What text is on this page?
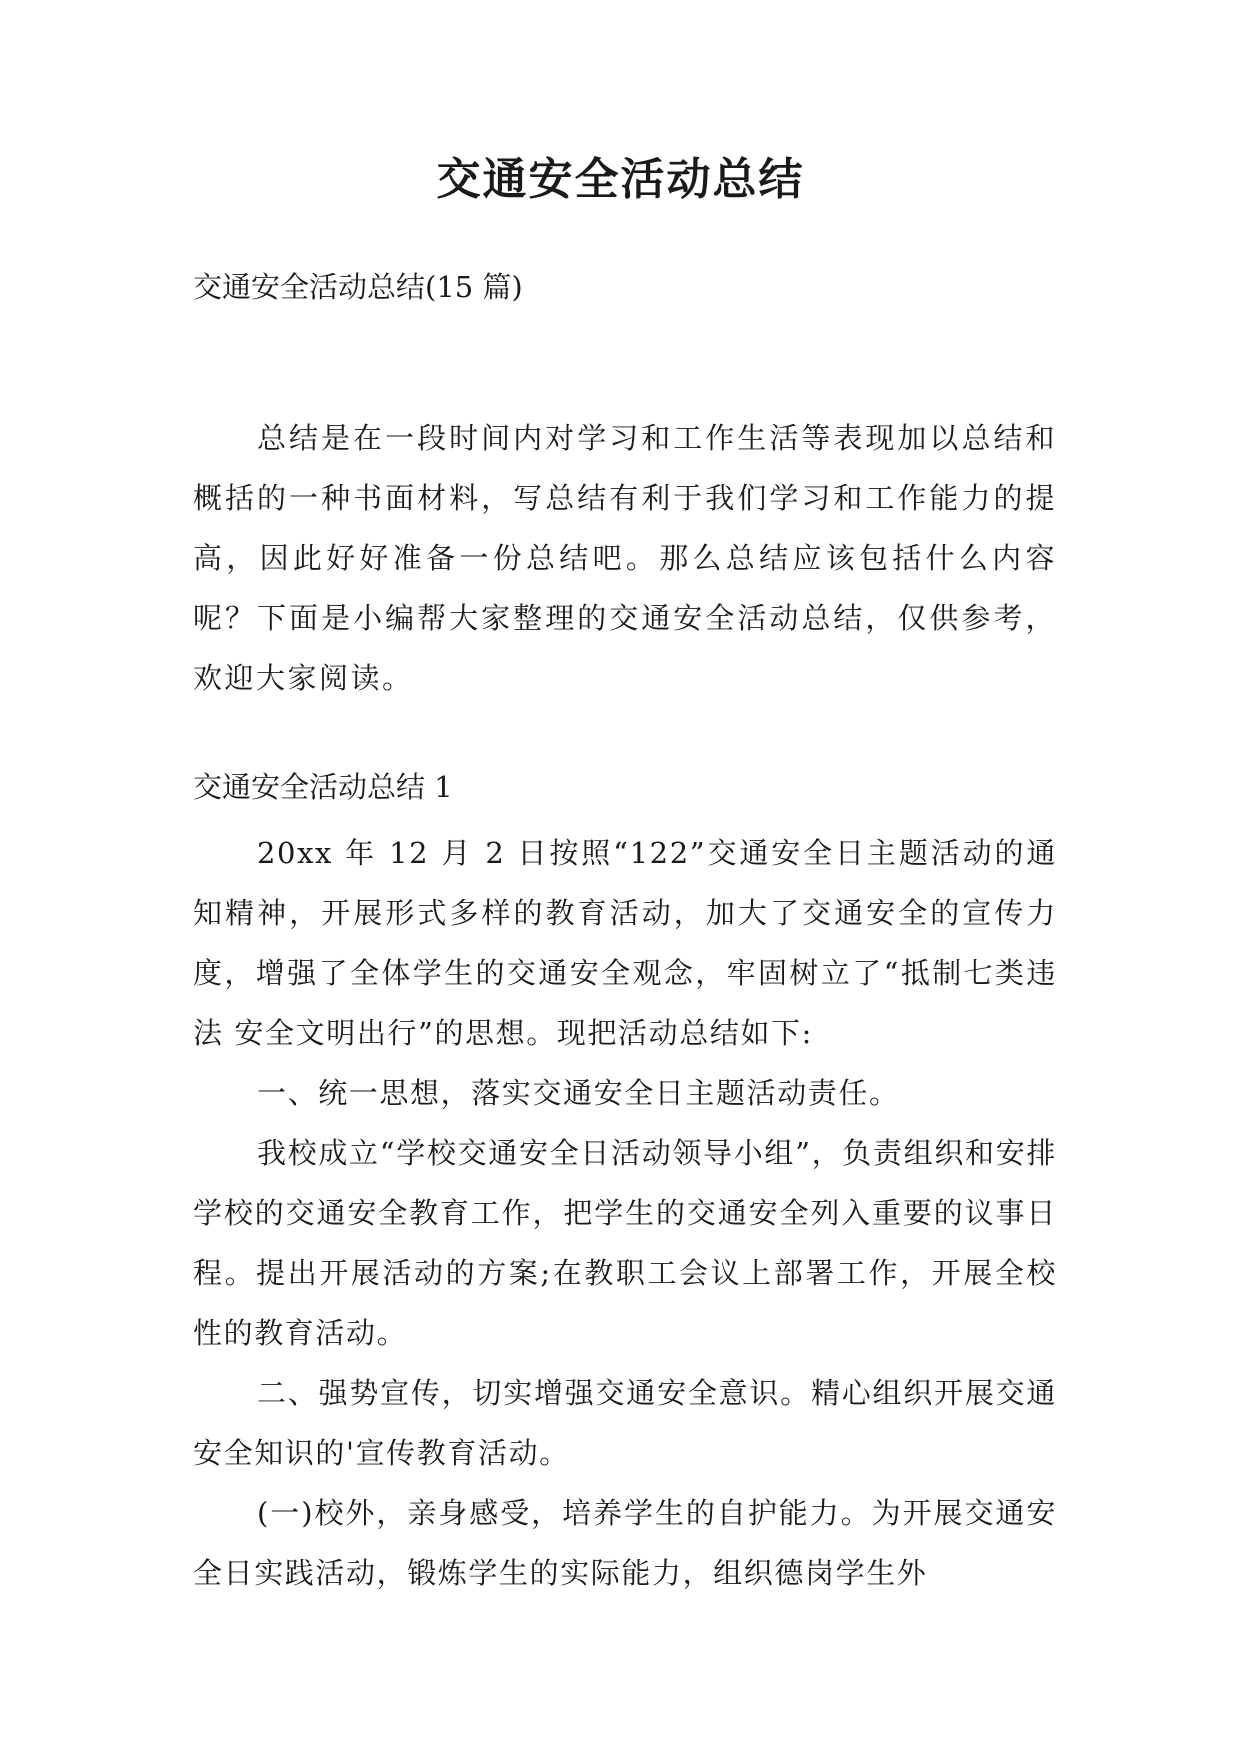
交通安全活动总结

交通安全活动总结(15 篇)

总结是在一段时间内对学习和工作生活等表现加以总结和概括的一种书面材料，写总结有利于我们学习和工作能力的提高，因此好好准备一份总结吧。那么总结应该包括什么内容呢？下面是小编帮大家整理的交通安全活动总结，仅供参考，欢迎大家阅读。

交通安全活动总结 1

20xx 年 12 月 2 日按照“122”交通安全日主题活动的通知精神，开展形式多样的教育活动，加大了交通安全的宣传力度，增强了全体学生的交通安全观念，牢固树立了“抵制七类违法 安全文明出行”的思想。现把活动总结如下:

一、统一思想，落实交通安全日主题活动责任。

我校成立“学校交通安全日活动领导小组”，负责组织和安排学校的交通安全教育工作，把学生的交通安全列入重要的议事日程。提出开展活动的方案;在教职工会议上部署工作，开展全校性的教育活动。

二、强势宣传，切实增强交通安全意识。精心组织开展交通安全知识的'宣传教育活动。

(一)校外，亲身感受，培养学生的自护能力。为开展交通安全日实践活动，锻炼学生的实际能力，组织德岗学生外
